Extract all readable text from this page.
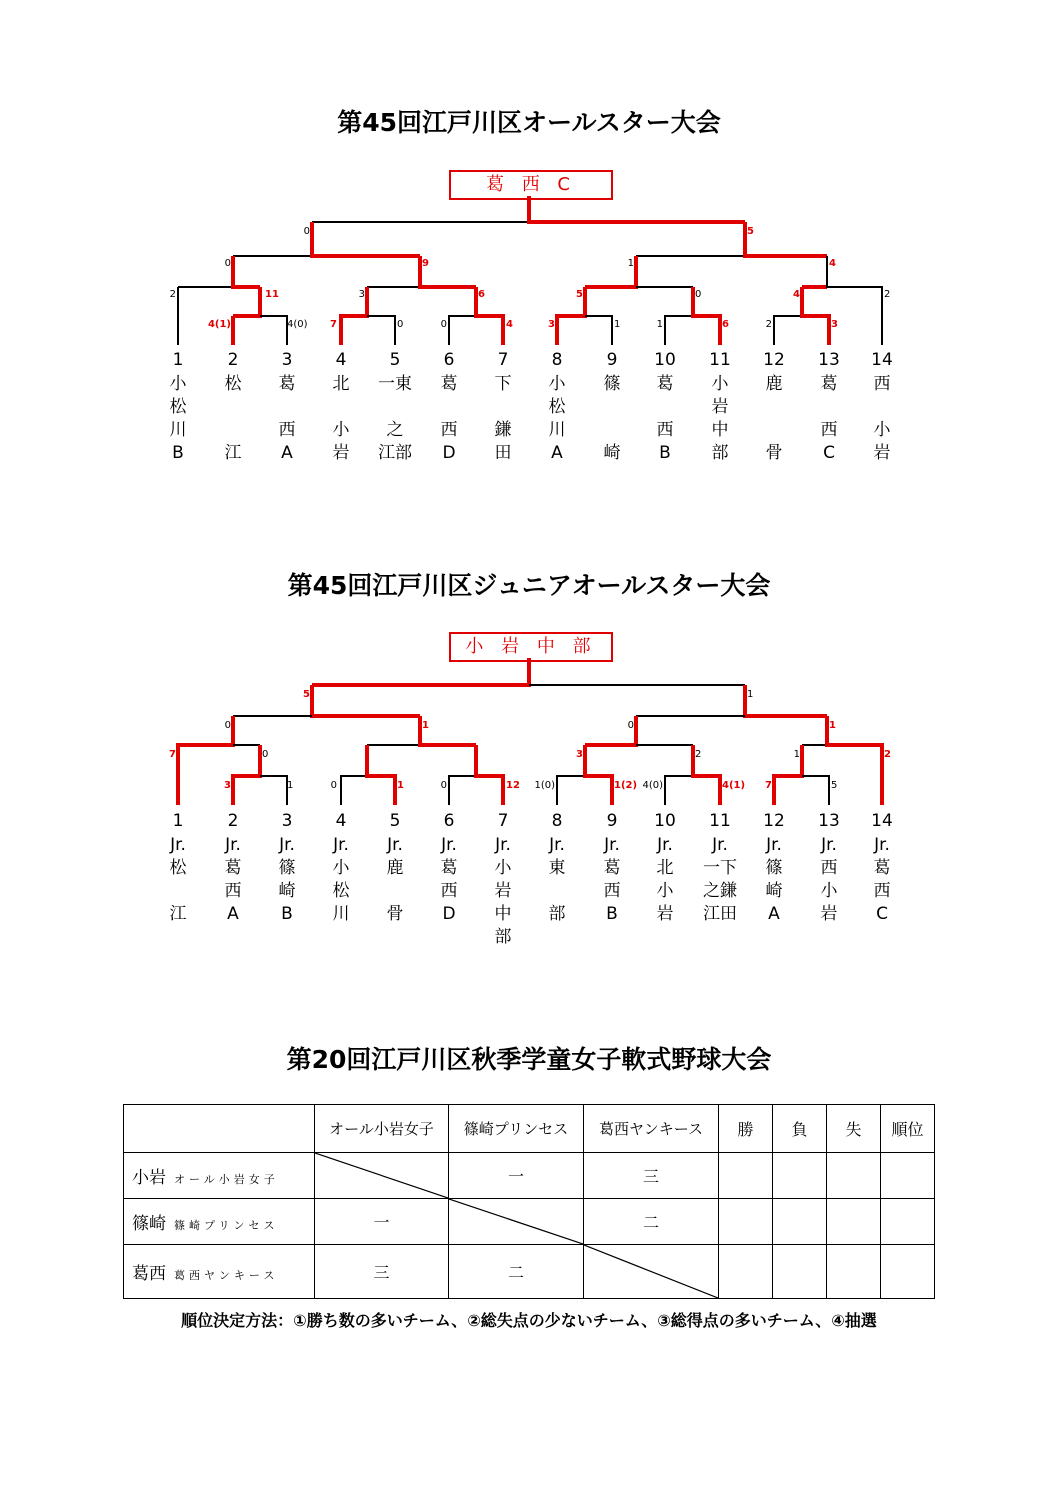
第45回江戸川区オールスター大会
葛 西 C
4(1)	4(0) 7	0	0	4	3	1	1	6	2	3
2	11	3	6	5	0	4	2
0	9	1	4
0	5
1
小
松
川
B
2
松
江
3
葛
西
A
4
北
小
岩
5
一東
之
江部
6
葛
西
D
7
下
鎌
田
8
小
松
川
A
9
篠
崎
10
葛
西
B
11
小
岩
中
部
12
鹿
骨
13
葛
西
C
14
西
小
岩
第45回江戸川区ジュニアオールスター大会
小 岩 中 部
3	1	0	1	0	12 1(0)	1(2) 4(0)	4(1) 7	5
7	0	3	2	1	2
0	1	0	1
5	1
1
Jr.
松
江
2
Jr.
葛
西
A
3
Jr.
篠
崎
B
4
Jr.
小
松
川
5
Jr.
鹿
骨
6
Jr.
葛
西
D
7
Jr.
小
岩
中
部
8
Jr.
東
部
9
Jr.
葛
西
B
10
Jr.
北
小
岩
11
Jr.
一下
之鎌
江田
12
Jr.
篠
崎
A
13
Jr.
西
小
岩
14
Jr.
葛
西
C
第20回江戸川区秋季学童女子軟式野球大会
	オール小岩女子	篠崎プリンセス	葛西ヤンキース	勝	負	失	順位
小岩 オール小岩女子		一	三				
篠崎 篠崎プリンセス	一		二				
葛西 葛西ヤンキース	三	二	

順位決定方法：①勝ち数の多いチーム、②総失点の少ないチーム、③総得点の多いチーム、④抽選
